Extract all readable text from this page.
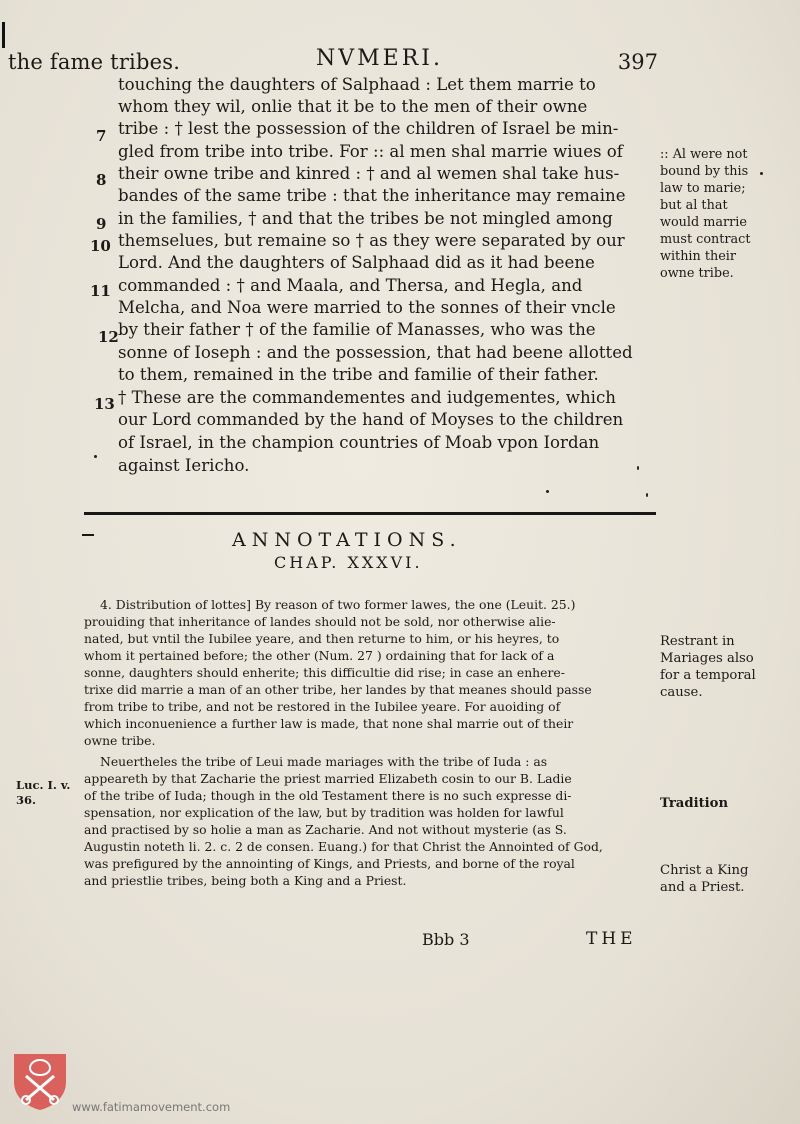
the fame tribes.	NVMERI.	397
7
8
9
10
11
12
13
touching the daughters of Salphaad : Let them marrie to
whom they wil, onlie that it be to the men of their owne
tribe : † lest the possession of the children of Israel be min-
gled from tribe into tribe. For :: al men shal marrie wiues of
their owne tribe and kinred : † and al wemen shal take hus-
bandes of the same tribe : that the inheritance may remaine
in the families, † and that the tribes be not mingled among
themselues, but remaine so † as they were separated by our
Lord. And the daughters of Salphaad did as it had beene
commanded : † and Maala, and Thersa, and Hegla, and
Melcha, and Noa were married to the sonnes of their vncle
by their father † of the familie of Manasses, who was the
sonne of Ioseph : and the possession, that had beene allotted
to them, remained in the tribe and familie of their father.
† These are the commandementes and iudgementes, which
our Lord commanded by the hand of Moyses to the children
of Israel, in the champion countries of Moab vpon Iordan
against Iericho.
:: Al were not
bound by this
law to marie;
but al that
would marrie
must contract
within their
owne tribe.
ANNOTATIONS.
CHAP. XXXVI.
4. Distribution of lottes] By reason of two former lawes, the one (Leuit. 25.)
prouiding that inheritance of landes should not be sold, nor otherwise alie-
nated, but vntil the Iubilee yeare, and then returne to him, or his heyres, to
whom it pertained before; the other (Num. 27 ) ordaining that for lack of a
sonne, daughters should enherite; this difficultie did rise; in case an enhere-
trixe did marrie a man of an other tribe, her landes by that meanes should passe
from tribe to tribe, and not be restored in the Iubilee yeare. For auoiding of
which inconuenience a further law is made, that none shal marrie out of their
owne tribe.
Neuertheles the tribe of Leui made mariages with the tribe of Iuda : as
appeareth by that Zacharie the priest married Elizabeth cosin to our B. Ladie
of the tribe of Iuda; though in the old Testament there is no such expresse di-
spensation, nor explication of the law, but by tradition was holden for lawful
and practised by so holie a man as Zacharie. And not without mysterie (as S.
Augustin noteth li. 2. c. 2 de consen. Euang.) for that Christ the Annointed of God,
was prefigured by the annointing of Kings, and Priests, and borne of the royal
and priestlie tribes, being both a King and a Priest.
Restrant in
Mariages also
for a temporal
cause.
Tradition
Christ a King
and a Priest.
Luc. I. v.
36.
Bbb 3	THE
www.fatimamovement.com
